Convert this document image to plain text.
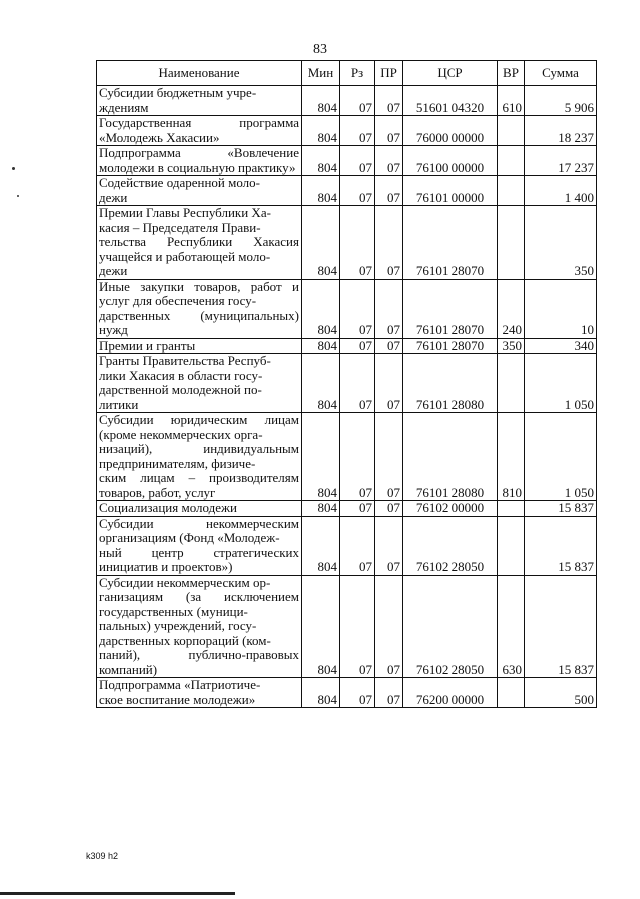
83
Наименование	Мин	Рз	ПР	ЦСР	ВР	Сумма
Субсидии бюджетным учре-
ждениям	804	07	07	51601 04320	610	5 906
Государственная программа «Молодежь Хакасии»	804	07	07	76000 00000		18 237
Подпрограмма «Вовлечение молодежи в социальную практику»	804	07	07	76100 00000		17 237
Содействие одаренной моло-
дежи	804	07	07	76101 00000		1 400
Премии Главы Республики Ха-
касия – Председателя Прави-
тельства Республики Хакасия учащейся и работающей моло-
дежи	804	07	07	76101 28070		350
Иные закупки товаров, работ и услуг для обеспечения госу-
дарственных (муниципальных) нужд	804	07	07	76101 28070	240	10
Премии и гранты	804	07	07	76101 28070	350	340
Гранты Правительства Респуб-
лики Хакасия в области госу-
дарственной молодежной по-
литики	804	07	07	76101 28080		1 050
Субсидии юридическим лицам (кроме некоммерческих орга-
низаций), индивидуальным предпринимателям, физиче-
ским лицам – производителям товаров, работ, услуг	804	07	07	76101 28080	810	1 050
Социализация молодежи	804	07	07	76102 00000		15 837
Субсидии некоммерческим организациям (Фонд «Молодеж-
ный центр стратегических инициатив и проектов»)	804	07	07	76102 28050		15 837
Субсидии некоммерческим ор-
ганизациям (за исключением государственных (муници-
пальных) учреждений, госу-
дарственных корпораций (ком-
паний), публично-правовых компаний)	804	07	07	76102 28050	630	15 837
Подпрограмма «Патриотиче-
ское воспитание молодежи»	804	07	07	76200 00000		500
k309 h2
